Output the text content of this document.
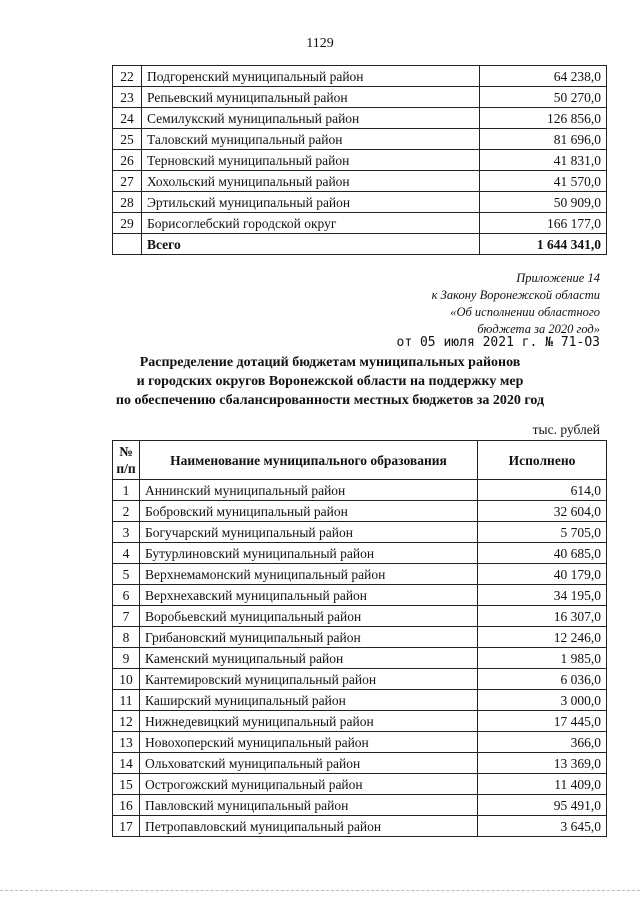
1129
22	Подгоренский муниципальный район	64 238,0
23	Репьевский муниципальный район	50 270,0
24	Семилукский муниципальный район	126 856,0
25	Таловский муниципальный район	81 696,0
26	Терновский муниципальный район	41 831,0
27	Хохольский муниципальный район	41 570,0
28	Эртильский муниципальный район	50 909,0
29	Борисоглебский городской округ	166 177,0
	Всего	1 644 341,0
Приложение 14
к Закону Воронежской области
«Об исполнении областного
бюджета за 2020 год»
от 05 июля 2021 г. № 71-ОЗ
Распределение дотаций бюджетам муниципальных районов
и городских округов Воронежской области на поддержку мер
по обеспечению сбалансированности местных бюджетов за 2020 год
тыс. рублей
№
п/п	Наименование муниципального образования	Исполнено
1	Аннинский муниципальный район	614,0
2	Бобровский муниципальный район	32 604,0
3	Богучарский муниципальный район	5 705,0
4	Бутурлиновский муниципальный район	40 685,0
5	Верхнемамонский муниципальный район	40 179,0
6	Верхнехавский муниципальный район	34 195,0
7	Воробьевский муниципальный район	16 307,0
8	Грибановский муниципальный район	12 246,0
9	Каменский муниципальный район	1 985,0
10	Кантемировский муниципальный район	6 036,0
11	Каширский муниципальный район	3 000,0
12	Нижнедевицкий муниципальный район	17 445,0
13	Новохоперский муниципальный район	366,0
14	Ольховатский муниципальный район	13 369,0
15	Острогожский муниципальный район	11 409,0
16	Павловский муниципальный район	95 491,0
17	Петропавловский муниципальный район	3 645,0
